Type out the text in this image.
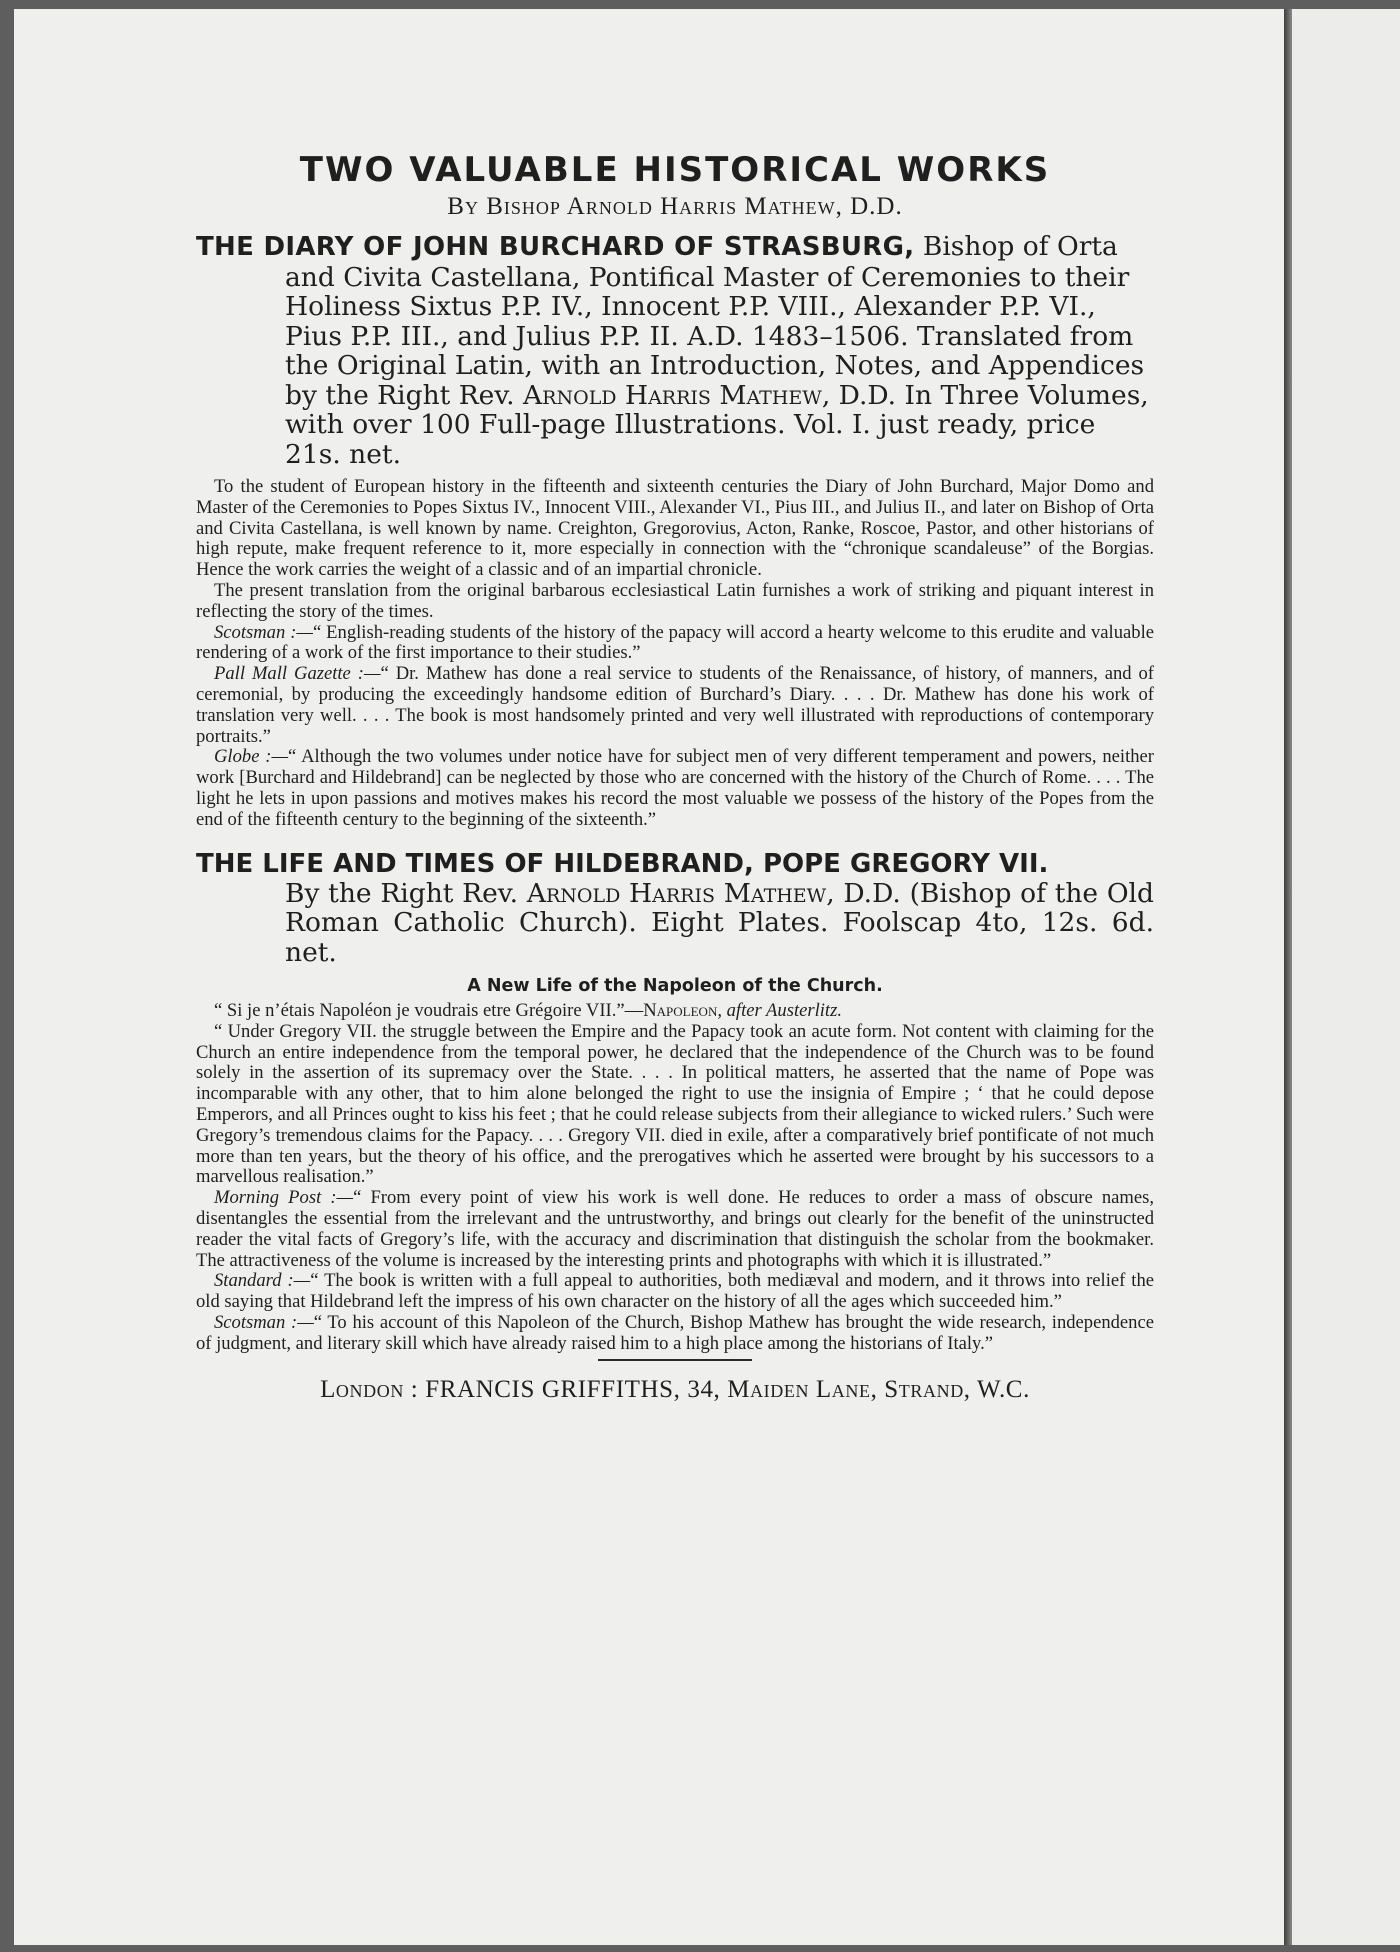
TWO VALUABLE HISTORICAL WORKS

By Bishop Arnold Harris Mathew, D.D.

THE DIARY OF JOHN BURCHARD OF STRASBURG, Bishop of Orta and Civita Castellana, Pontifical Master of Ceremonies to their Holiness Sixtus P.P. IV., Innocent P.P. VIII., Alexander P.P. VI., Pius P.P. III., and Julius P.P. II. A.D. 1483–1506. Translated from the Original Latin, with an Introduction, Notes, and Appendices by the Right Rev. Arnold Harris Mathew, D.D. In Three Volumes, with over 100 Full-page Illustrations. Vol. I. just ready, price 21s. net.

To the student of European history in the fifteenth and sixteenth centuries the Diary of John Burchard, Major Domo and Master of the Ceremonies to Popes Sixtus IV., Innocent VIII., Alexander VI., Pius III., and Julius II., and later on Bishop of Orta and Civita Castellana, is well known by name. Creighton, Gregorovius, Acton, Ranke, Roscoe, Pastor, and other historians of high repute, make frequent reference to it, more especially in connection with the “chronique scandaleuse” of the Borgias. Hence the work carries the weight of a classic and of an impartial chronicle.

The present translation from the original barbarous ecclesiastical Latin furnishes a work of striking and piquant interest in reflecting the story of the times.

Scotsman :—“ English-reading students of the history of the papacy will accord a hearty welcome to this erudite and valuable rendering of a work of the first importance to their studies.”

Pall Mall Gazette :—“ Dr. Mathew has done a real service to students of the Renaissance, of history, of manners, and of ceremonial, by producing the exceedingly handsome edition of Burchard’s Diary. . . . Dr. Mathew has done his work of translation very well. . . . The book is most handsomely printed and very well illustrated with reproductions of contemporary portraits.”

Globe :—“ Although the two volumes under notice have for subject men of very different temperament and powers, neither work [Burchard and Hildebrand] can be neglected by those who are concerned with the history of the Church of Rome. . . . The light he lets in upon passions and motives makes his record the most valuable we possess of the history of the Popes from the end of the fifteenth century to the beginning of the sixteenth.”

THE LIFE AND TIMES OF HILDEBRAND, POPE GREGORY VII.

By the Right Rev. Arnold Harris Mathew, D.D. (Bishop of the Old Roman Catholic Church). Eight Plates. Foolscap 4to, 12s. 6d. net.

A New Life of the Napoleon of the Church.

“ Si je n’étais Napoléon je voudrais etre Grégoire VII.”—Napoleon, after Austerlitz.

“ Under Gregory VII. the struggle between the Empire and the Papacy took an acute form. Not content with claiming for the Church an entire independence from the temporal power, he declared that the independence of the Church was to be found solely in the assertion of its supremacy over the State. . . . In political matters, he asserted that the name of Pope was incomparable with any other, that to him alone belonged the right to use the insignia of Empire ; ‘ that he could depose Emperors, and all Princes ought to kiss his feet ; that he could release subjects from their allegiance to wicked rulers.’ Such were Gregory’s tremendous claims for the Papacy. . . . Gregory VII. died in exile, after a comparatively brief pontificate of not much more than ten years, but the theory of his office, and the prerogatives which he asserted were brought by his successors to a marvellous realisation.”

Morning Post :—“ From every point of view his work is well done. He reduces to order a mass of obscure names, disentangles the essential from the irrelevant and the untrustworthy, and brings out clearly for the benefit of the uninstructed reader the vital facts of Gregory’s life, with the accuracy and discrimination that distinguish the scholar from the bookmaker. The attractiveness of the volume is increased by the interesting prints and photographs with which it is illustrated.”

Standard :—“ The book is written with a full appeal to authorities, both mediæval and modern, and it throws into relief the old saying that Hildebrand left the impress of his own character on the history of all the ages which succeeded him.”

Scotsman :—“ To his account of this Napoleon of the Church, Bishop Mathew has brought the wide research, independence of judgment, and literary skill which have already raised him to a high place among the historians of Italy.”

London : FRANCIS GRIFFITHS, 34, Maiden Lane, Strand, W.C.
